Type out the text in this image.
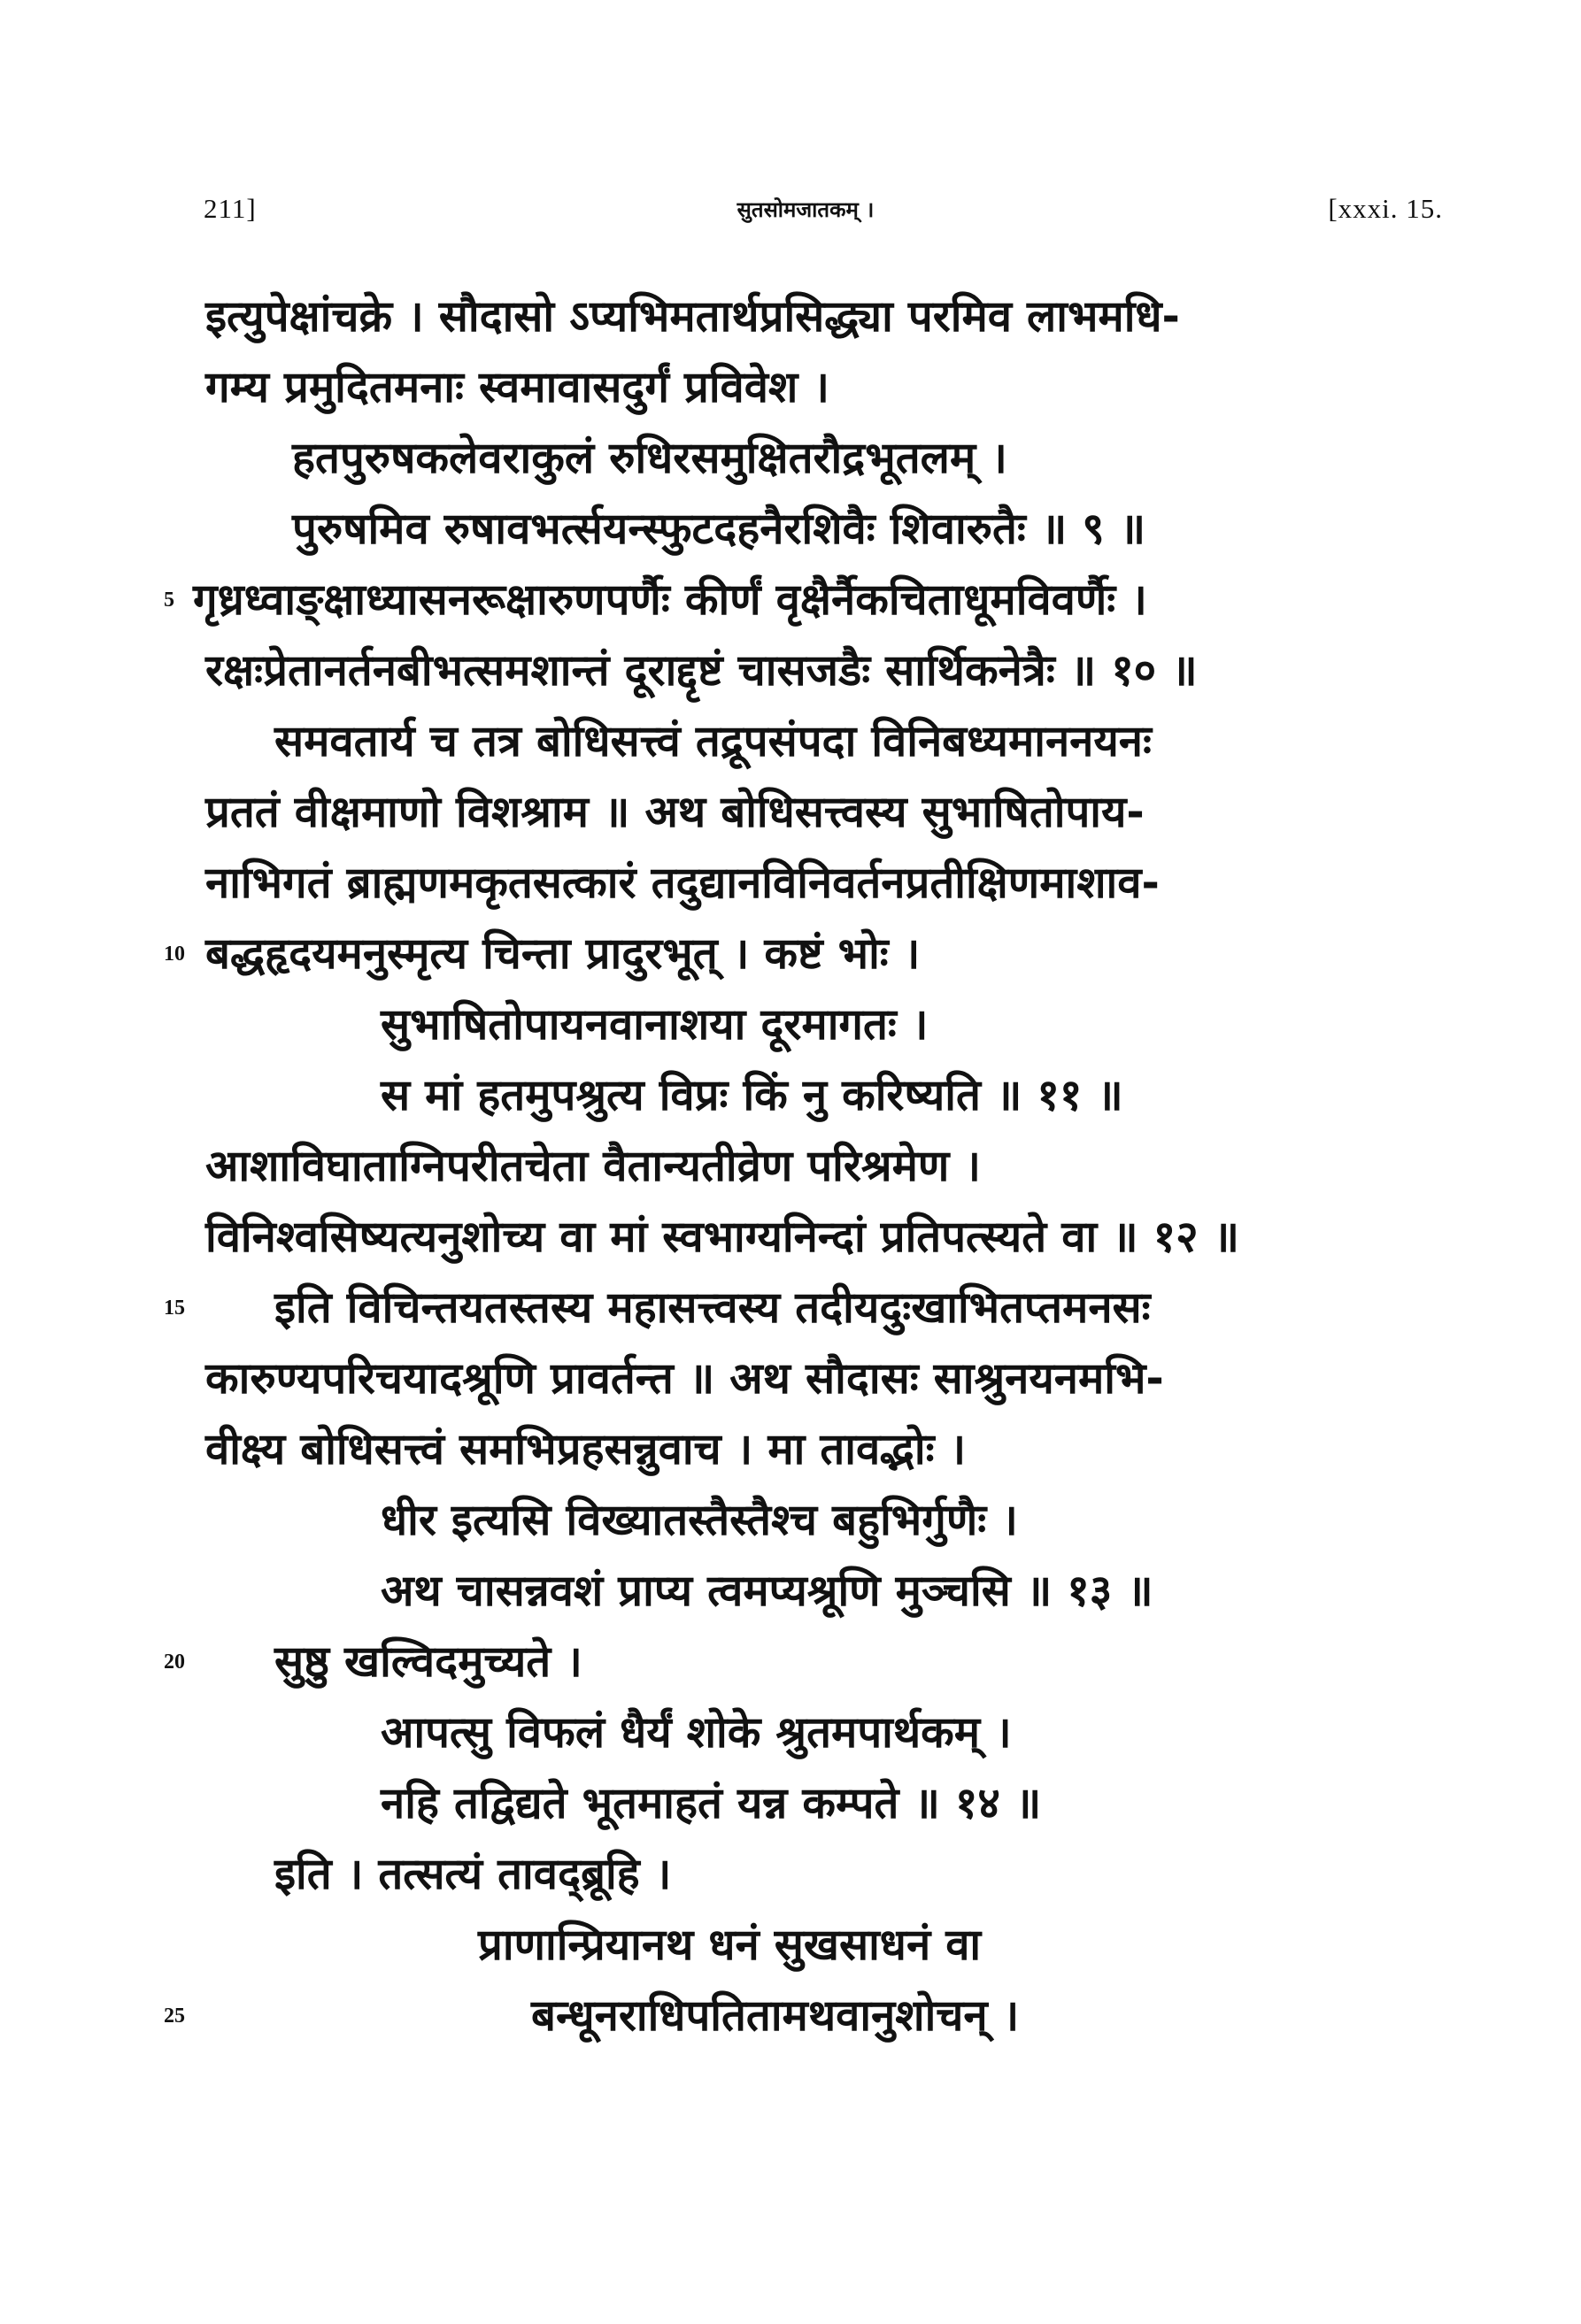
211]	सुतसोमजातकम् ।	[xxxi. 15.
इत्युपेक्षांचक्रे । सौदासो ऽप्यभिमतार्थप्रसिद्ध्या परमिव लाभमधि-
गम्य प्रमुदितमनाः स्वमावासदुर्गं प्रविवेश ।
हतपुरुषकलेवराकुलं रुधिरसमुक्षितरौद्रभूतलम् ।
पुरुषमिव रुषावभर्त्सयन्स्फुटदहनैरशिवैः शिवारुतैः ॥ ९ ॥
5 गृध्रध्वाङ्क्षाध्यासनरूक्षारुणपर्णैः कीर्णं वृक्षैर्नैकचिताधूमविवर्णैः ।
रक्षःप्रेतानर्तनबीभत्समशान्तं दूराद्दृष्टं चासजडैः सार्थिकनेत्रैः ॥ १० ॥
समवतार्य च तत्र बोधिसत्त्वं तद्रूपसंपदा विनिबध्यमाननयनः
प्रततं वीक्षमाणो विशश्राम ॥ अथ बोधिसत्त्वस्य सुभाषितोपाय-
नाभिगतं ब्राह्मणमकृतसत्कारं तदुद्यानविनिवर्तनप्रतीक्षिणमाशाव-
10 बद्धहृदयमनुस्मृत्य चिन्ता प्रादुरभूत् । कष्टं भोः ।
सुभाषितोपायनवानाशया दूरमागतः ।
स मां हतमुपश्रुत्य विप्रः किं नु करिष्यति ॥ ११ ॥
आशाविघाताग्निपरीतचेता वैतान्यतीव्रेण परिश्रमेण ।
विनिश्वसिष्यत्यनुशोच्य वा मां स्वभाग्यनिन्दां प्रतिपत्स्यते वा ॥ १२ ॥
15 इति विचिन्तयतस्तस्य महासत्त्वस्य तदीयदुःखाभितप्तमनसः
कारुण्यपरिचयादश्रूणि प्रावर्तन्त ॥ अथ सौदासः साश्रुनयनमभि-
वीक्ष्य बोधिसत्त्वं समभिप्रहसन्नुवाच । मा तावद्भोः ।
धीर इत्यसि विख्यातस्तैस्तैश्च बहुभिर्गुणैः ।
अथ चासन्नवशं प्राप्य त्वमप्यश्रूणि मुञ्चसि ॥ १३ ॥
20 सुष्ठु खल्विदमुच्यते ।
आपत्सु विफलं धैर्यं शोके श्रुतमपार्थकम् ।
नहि तद्विद्यते भूतमाहतं यन्न कम्पते ॥ १४ ॥
इति । तत्सत्यं तावद्ब्रूहि ।
प्राणान्प्रियानथ धनं सुखसाधनं वा
25	बन्धूनराधिपतितामथवानुशोचन् ।
